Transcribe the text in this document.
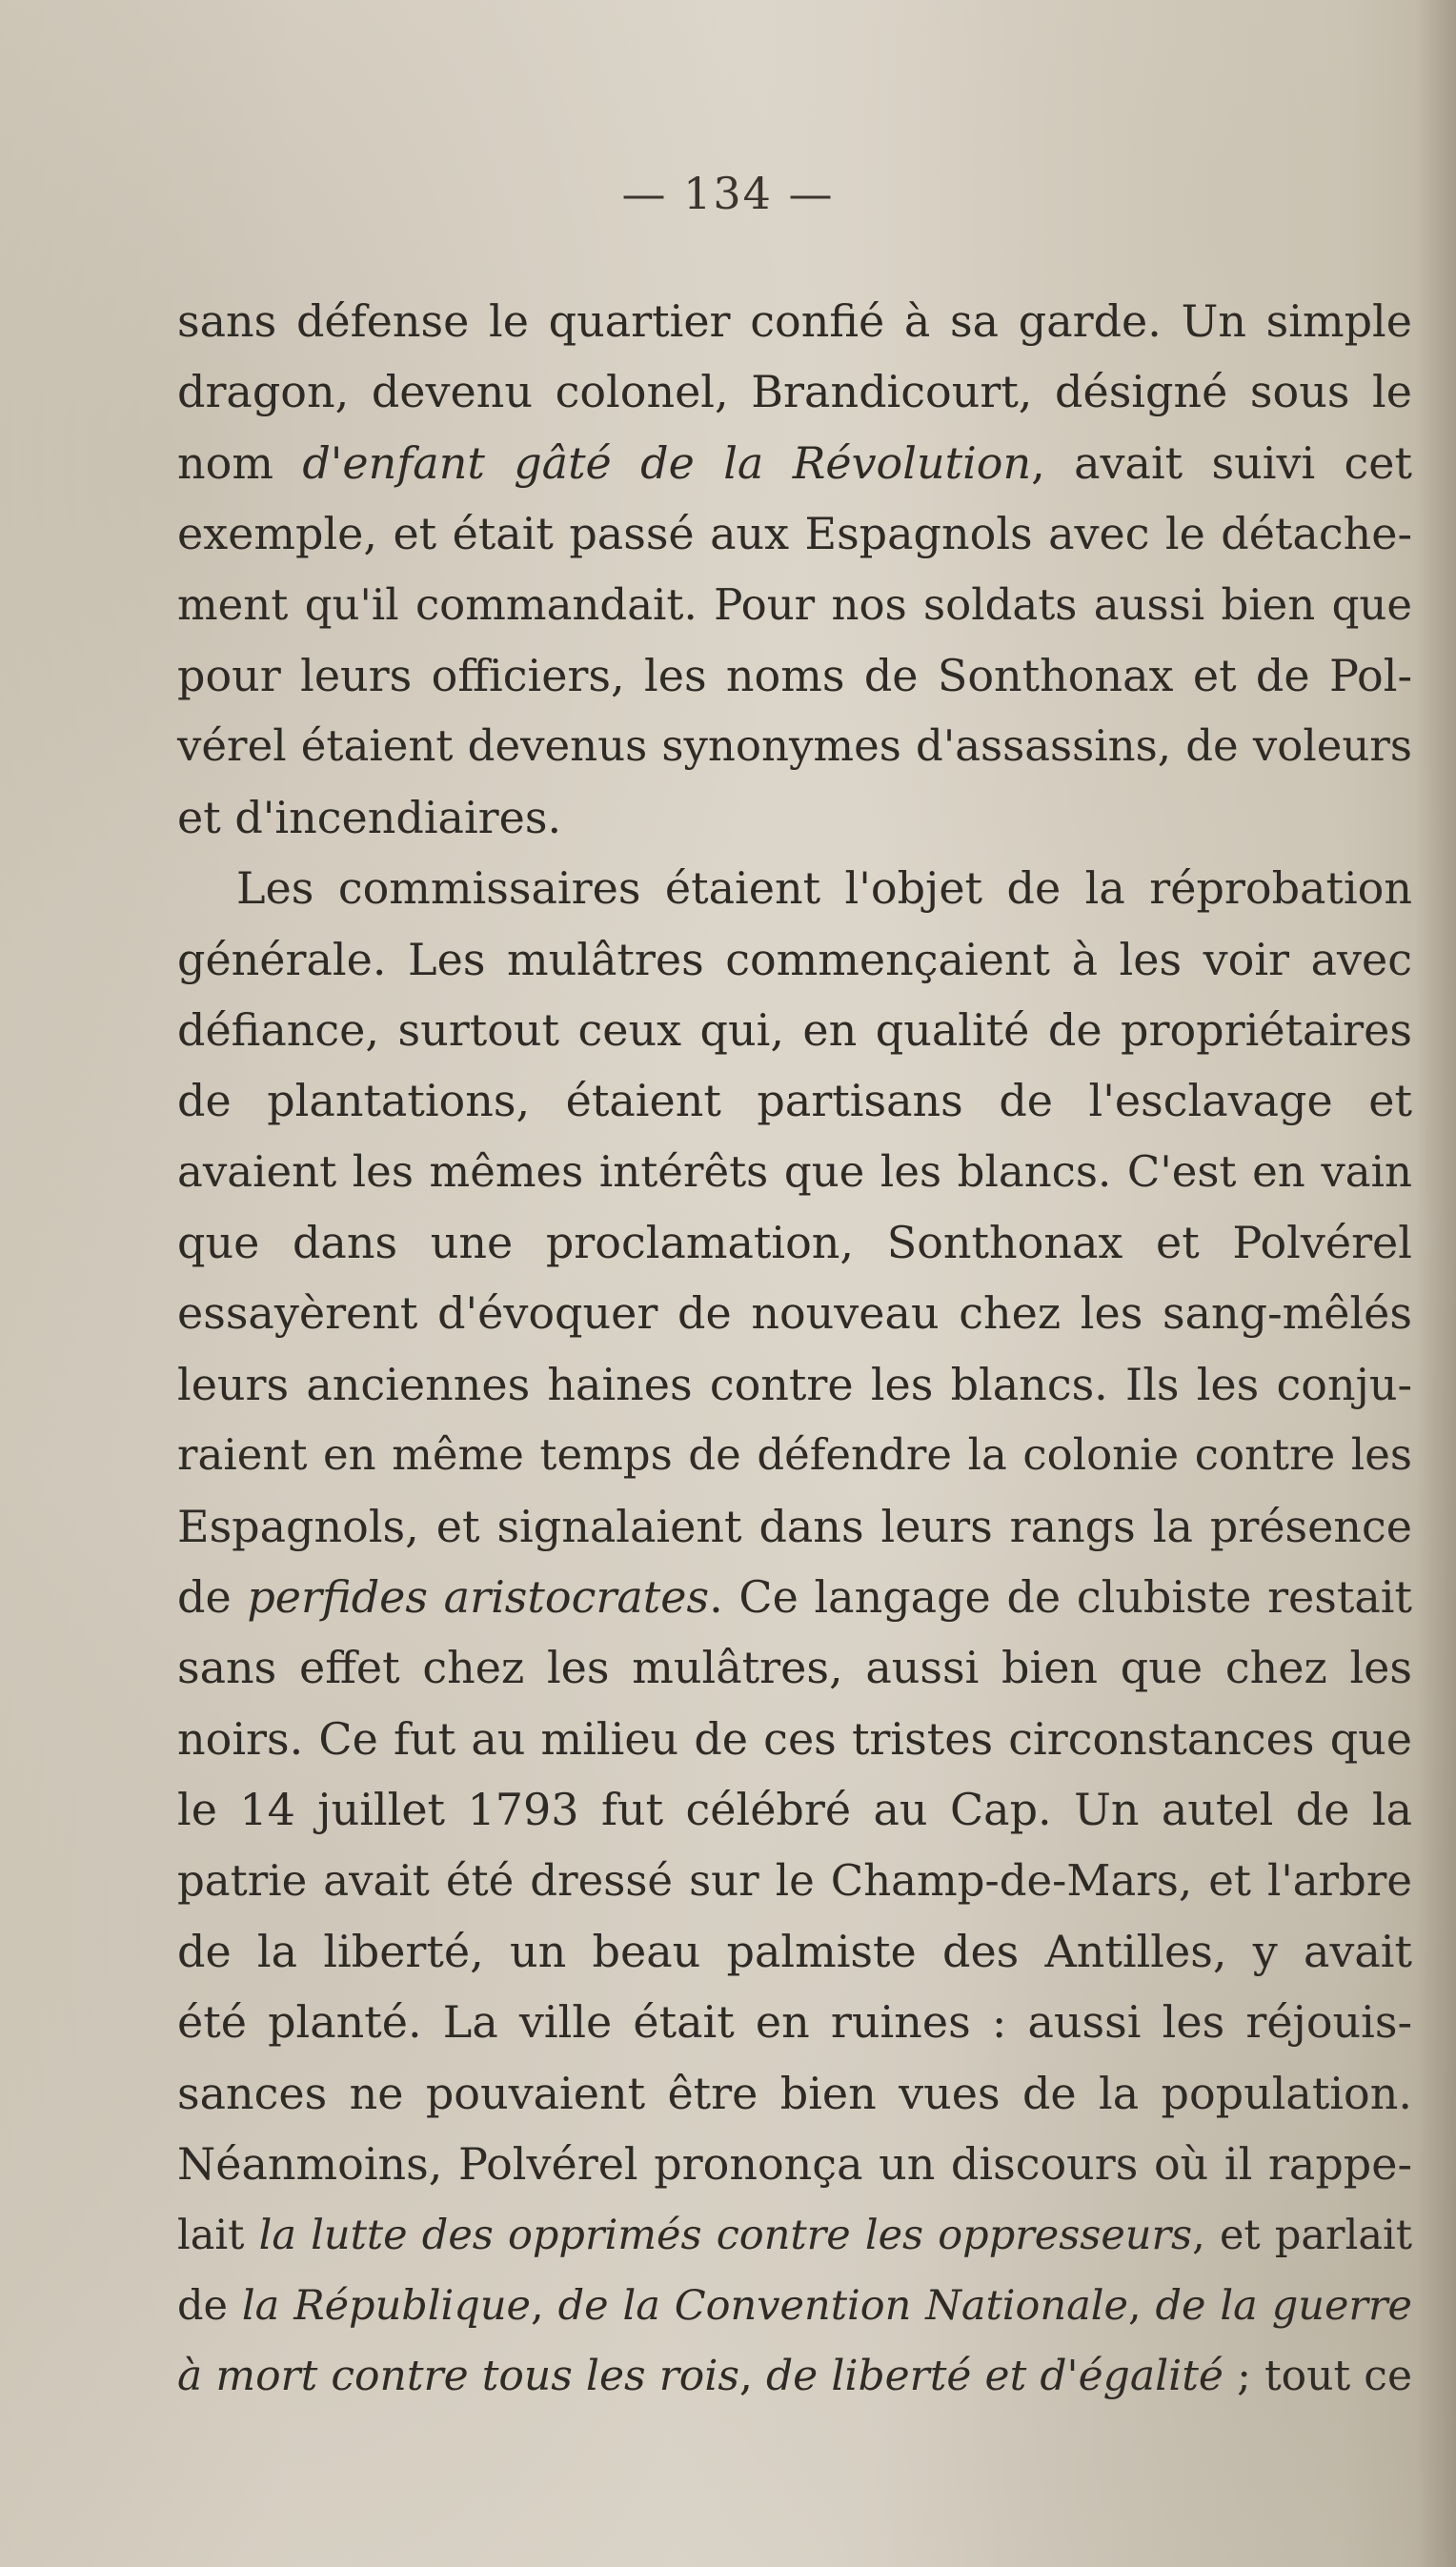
— 134 —
sans défense le quartier confié à sa garde. Un simple
dragon, devenu colonel, Brandicourt, désigné sous le
nom d'enfant gâté de la Révolution, avait suivi cet
exemple, et était passé aux Espagnols avec le détache-
ment qu'il commandait. Pour nos soldats aussi bien que
pour leurs officiers, les noms de Sonthonax et de Pol-
vérel étaient devenus synonymes d'assassins, de voleurs
et d'incendiaires.
Les commissaires étaient l'objet de la réprobation
générale. Les mulâtres commençaient à les voir avec
défiance, surtout ceux qui, en qualité de propriétaires
de plantations, étaient partisans de l'esclavage et
avaient les mêmes intérêts que les blancs. C'est en vain
que dans une proclamation, Sonthonax et Polvérel
essayèrent d'évoquer de nouveau chez les sang-mêlés
leurs anciennes haines contre les blancs. Ils les conju-
raient en même temps de défendre la colonie contre les
Espagnols, et signalaient dans leurs rangs la présence
de perfides aristocrates. Ce langage de clubiste restait
sans effet chez les mulâtres, aussi bien que chez les
noirs. Ce fut au milieu de ces tristes circonstances que
le 14 juillet 1793 fut célébré au Cap. Un autel de la
patrie avait été dressé sur le Champ-de-Mars, et l'arbre
de la liberté, un beau palmiste des Antilles, y avait
été planté. La ville était en ruines : aussi les réjouis-
sances ne pouvaient être bien vues de la population.
Néanmoins, Polvérel prononça un discours où il rappe-
lait la lutte des opprimés contre les oppresseurs, et parlait
de la République, de la Convention Nationale, de la guerre
à mort contre tous les rois, de liberté et d'égalité ; tout ce
